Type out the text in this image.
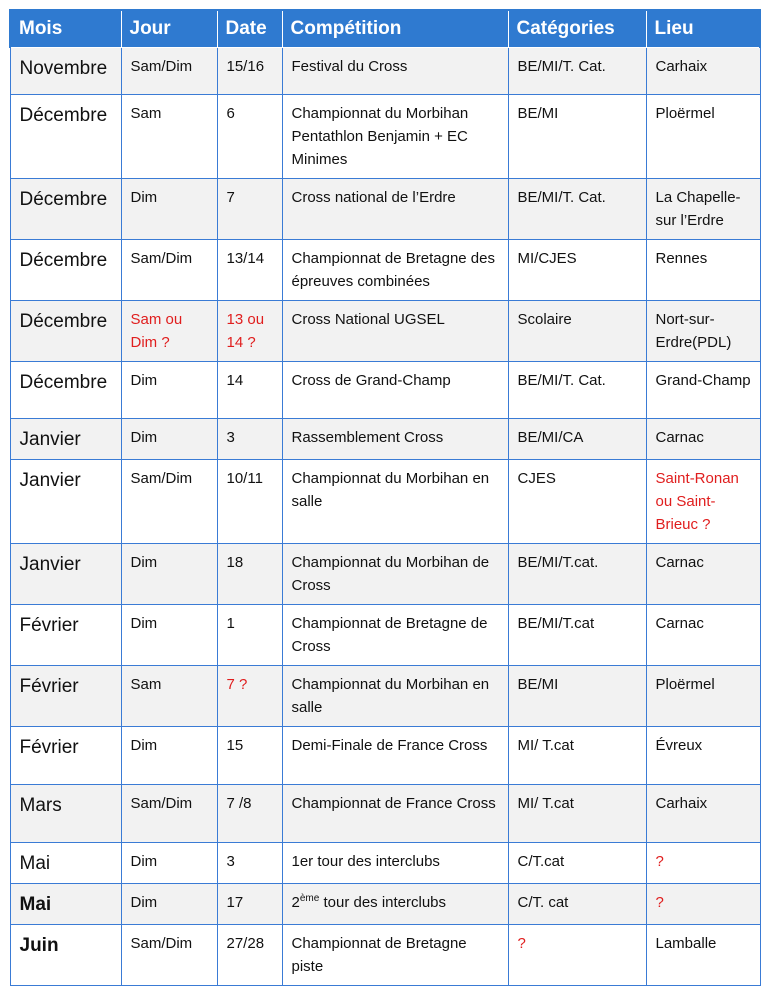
Mois	Jour	Date	Compétition	Catégories	Lieu
Novembre	Sam/Dim	15/16	Festival du Cross	BE/MI/T. Cat.	Carhaix
Décembre	Sam	6	Championnat du Morbihan Pentathlon Benjamin + EC Minimes	BE/MI	Ploërmel
Décembre	Dim	7	Cross national de l’Erdre	BE/MI/T. Cat.	La Chapelle-sur l’Erdre
Décembre	Sam/Dim	13/14	Championnat de Bretagne des épreuves combinées	MI/CJES	Rennes
Décembre	Sam ou Dim ?	13 ou 14 ?	Cross National UGSEL	Scolaire	Nort-sur-Erdre(PDL)
Décembre	Dim	14	Cross de Grand-Champ	BE/MI/T. Cat.	Grand-Champ
Janvier	Dim	3	Rassemblement Cross	BE/MI/CA	Carnac
Janvier	Sam/Dim	10/11	Championnat du Morbihan en salle	CJES	Saint-Ronan ou Saint-Brieuc ?
Janvier	Dim	18	Championnat du Morbihan de Cross	BE/MI/T.cat.	Carnac
Février	Dim	1	Championnat de Bretagne de Cross	BE/MI/T.cat	Carnac
Février	Sam	7 ?	Championnat du Morbihan en salle	BE/MI	Ploërmel
Février	Dim	15	Demi-Finale de France Cross	MI/ T.cat	Évreux
Mars	Sam/Dim	7 /8	Championnat de France Cross	MI/ T.cat	Carhaix
Mai	Dim	3	1er tour des interclubs	C/T.cat	?
Mai	Dim	17	2ème tour des interclubs	C/T. cat	?
Juin	Sam/Dim	27/28	Championnat de Bretagne piste	?	Lamballe
